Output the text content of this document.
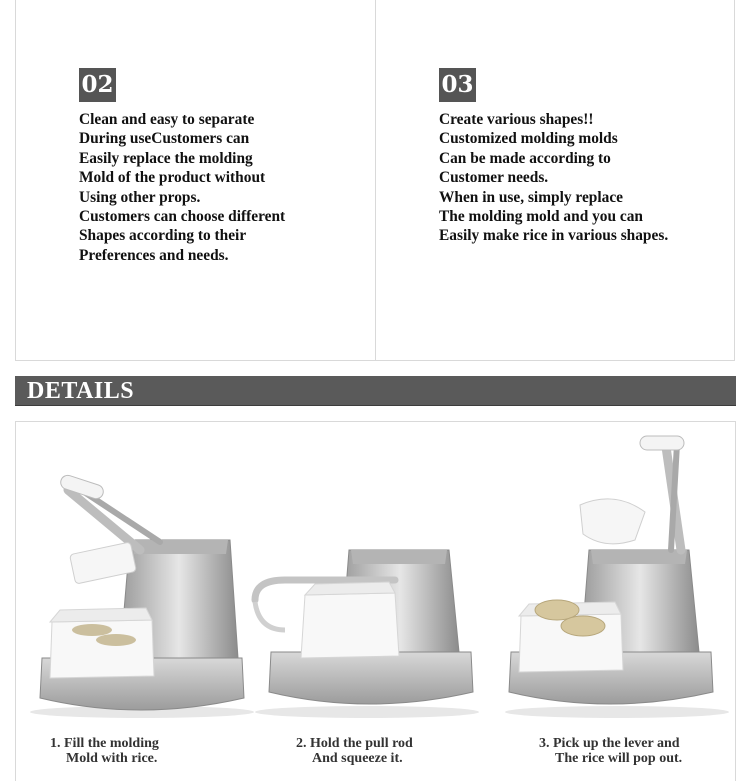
02
Clean and easy to separate
During useCustomers can
Easily replace the molding
Mold of the product without
Using other props.
Customers can choose different
Shapes according to their
Preferences and needs.
03
Create various shapes!!
Customized molding molds
Can be made according to
Customer needs.
When in use, simply replace
The molding mold and you can
Easily make rice in various shapes.
DETAILS
1. Fill the molding
Mold with rice.
2. Hold the pull rod
And squeeze it.
3. Pick up the lever and
The rice will pop out.
